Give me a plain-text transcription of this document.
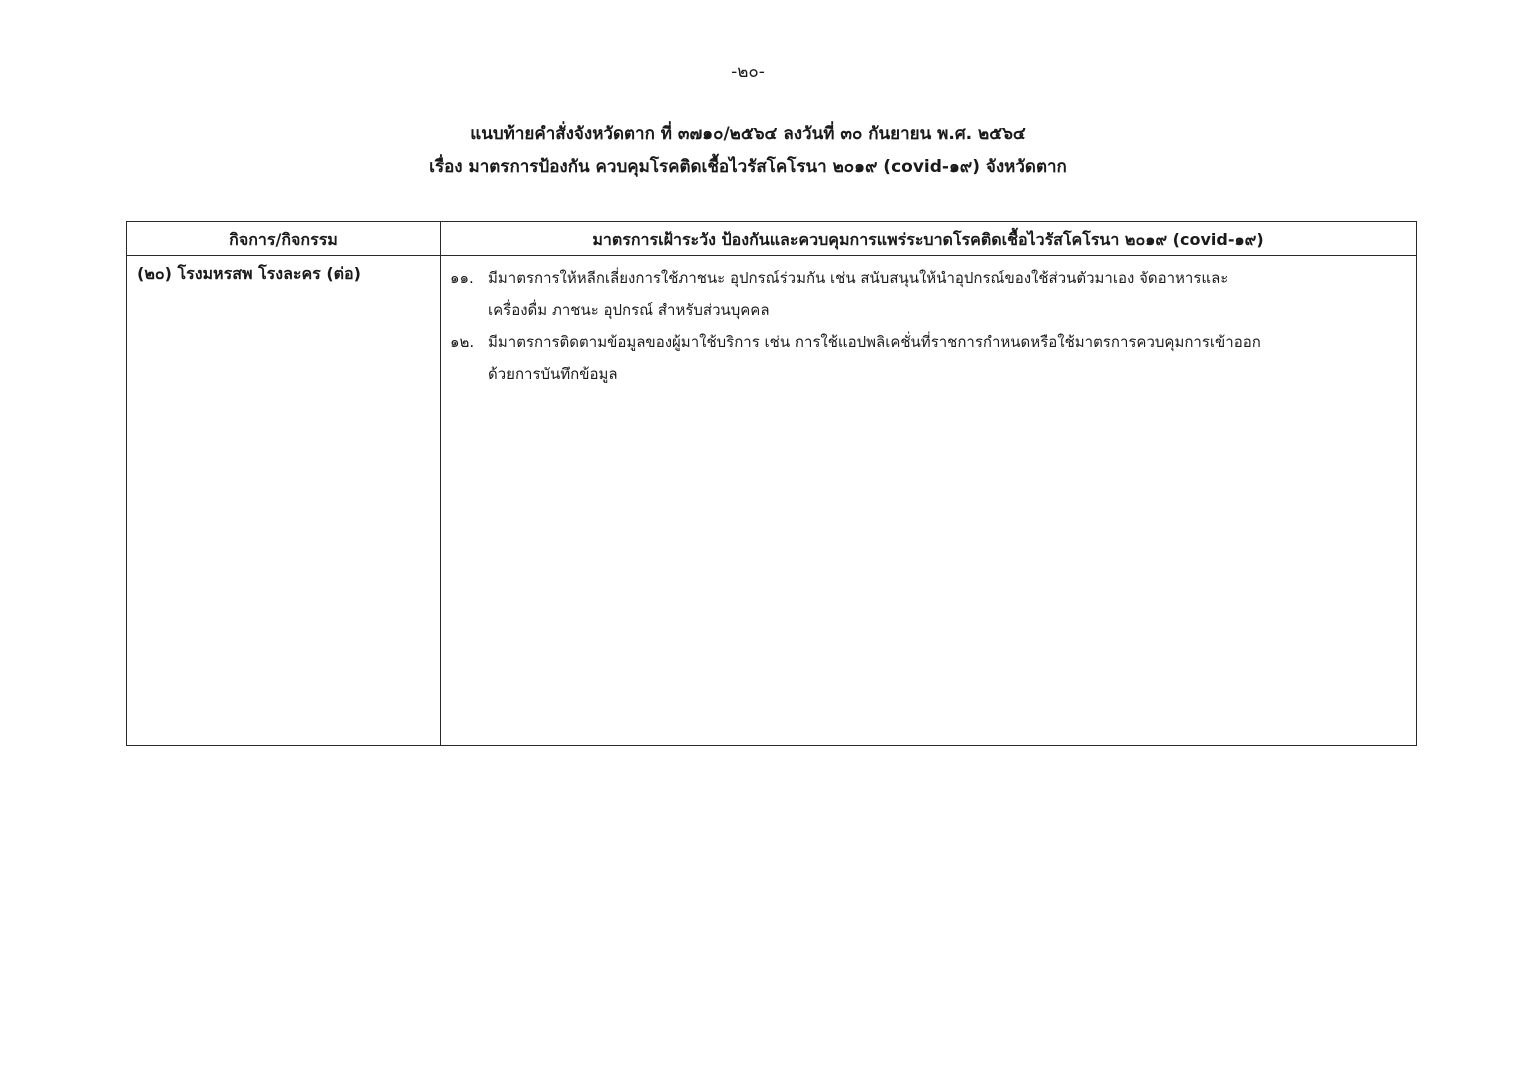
-๒๐-
แนบท้ายคำสั่งจังหวัดตาก ที่ ๓๗๑๐/๒๕๖๔ ลงวันที่ ๓๐ กันยายน พ.ศ. ๒๕๖๔
เรื่อง มาตรการป้องกัน ควบคุมโรคติดเชื้อไวรัสโคโรนา ๒๐๑๙ (covid-๑๙) จังหวัดตาก
กิจการ/กิจกรรม	มาตรการเฝ้าระวัง ป้องกันและควบคุมการแพร่ระบาดโรคติดเชื้อไวรัสโคโรนา ๒๐๑๙ (covid-๑๙)
(๒๐) โรงมหรสพ โรงละคร (ต่อ)	๑๑. มีมาตรการให้หลีกเลี่ยงการใช้ภาชนะ อุปกรณ์ร่วมกัน เช่น สนับสนุนให้นำอุปกรณ์ของใช้ส่วนตัวมาเอง จัดอาหารและ
เครื่องดื่ม ภาชนะ อุปกรณ์ สำหรับส่วนบุคคล
๑๒. มีมาตรการติดตามข้อมูลของผู้มาใช้บริการ เช่น การใช้แอปพลิเคชั่นที่ราชการกำหนดหรือใช้มาตรการควบคุมการเข้าออก
ด้วยการบันทึกข้อมูล
